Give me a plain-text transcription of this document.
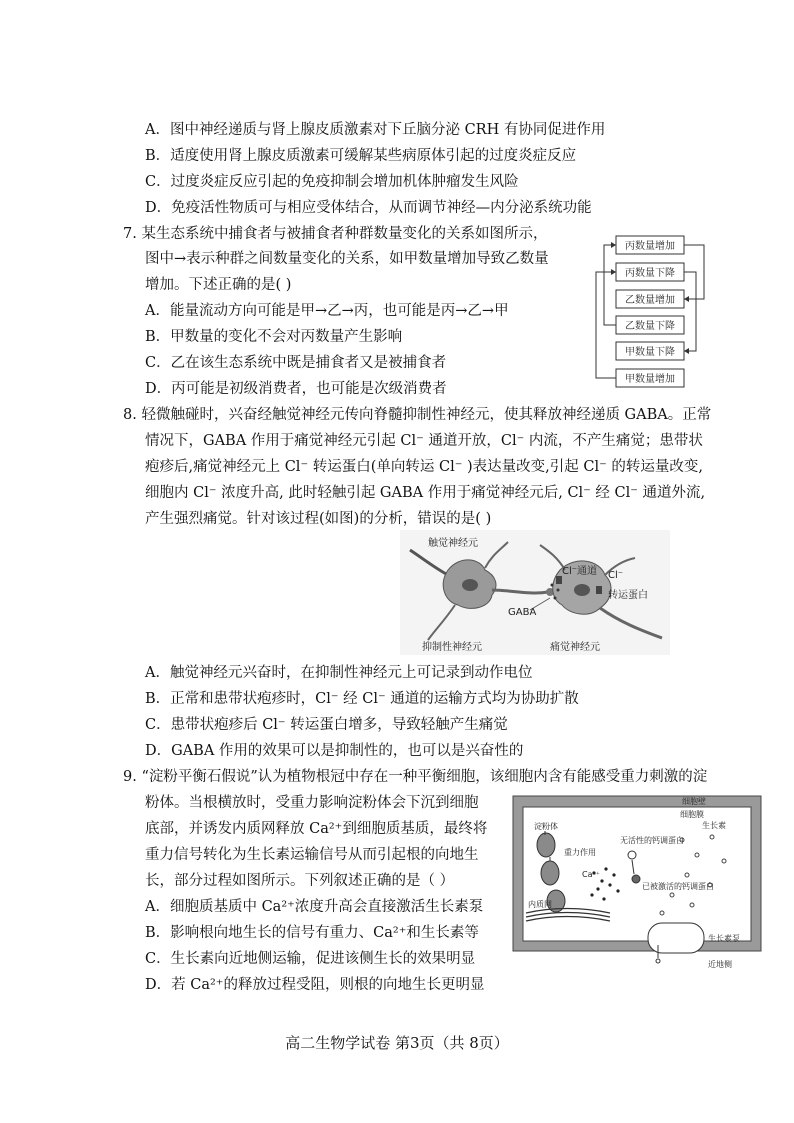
A．图中神经递质与肾上腺皮质激素对下丘脑分泌 CRH 有协同促进作用
B．适度使用肾上腺皮质激素可缓解某些病原体引起的过度炎症反应
C．过度炎症反应引起的免疫抑制会增加机体肿瘤发生风险
D．免疫活性物质可与相应受体结合，从而调节神经—内分泌系统功能
7. 某生态系统中捕食者与被捕食者种群数量变化的关系如图所示，
图中→表示种群之间数量变化的关系，如甲数量增加导致乙数量
增加。下述正确的是( )
A．能量流动方向可能是甲→乙→丙，也可能是丙→乙→甲
B．甲数量的变化不会对丙数量产生影响
C．乙在该生态系统中既是捕食者又是被捕食者
D．丙可能是初级消费者，也可能是次级消费者
丙数量增加
丙数量下降
乙数量增加
乙数量下降
甲数量下降
甲数量增加
8. 轻微触碰时，兴奋经触觉神经元传向脊髓抑制性神经元，使其释放神经递质 GABA。正常
情况下，GABA 作用于痛觉神经元引起 Cl⁻ 通道开放，Cl⁻ 内流，不产生痛觉；患带状
疱疹后,痛觉神经元上 Cl⁻ 转运蛋白(单向转运 Cl⁻ )表达量改变,引起 Cl⁻ 的转运量改变,
细胞内 Cl⁻ 浓度升高, 此时轻触引起 GABA 作用于痛觉神经元后, Cl⁻ 经 Cl⁻ 通道外流,
产生强烈痛觉。针对该过程(如图)的分析，错误的是( )
触觉神经元
Cl⁻通道 Cl⁻
转运蛋白
GABA
抑制性神经元	痛觉神经元
A．触觉神经元兴奋时，在抑制性神经元上可记录到动作电位
B．正常和患带状疱疹时，Cl⁻ 经 Cl⁻ 通道的运输方式均为协助扩散
C．患带状疱疹后 Cl⁻ 转运蛋白增多，导致轻触产生痛觉
D．GABA 作用的效果可以是抑制性的，也可以是兴奋性的
9. “淀粉平衡石假说”认为植物根冠中存在一种平衡细胞，该细胞内含有能感受重力刺激的淀
粉体。当根横放时，受重力影响淀粉体会下沉到细胞
底部，并诱发内质网释放 Ca²⁺到细胞质基质，最终将
重力信号转化为生长素运输信号从而引起根的向地生
长，部分过程如图所示。下列叙述正确的是（ ）
A．细胞质基质中 Ca²⁺浓度升高会直接激活生长素泵
B．影响根向地生长的信号有重力、Ca²⁺和生长素等
C．生长素向近地侧运输，促进该侧生长的效果明显
D．若 Ca²⁺的释放过程受阻，则根的向地生长更明显
细胞壁
细胞膜
淀粉体
重力作用
无活性的钙调蛋白
已被激活的钙调蛋白
生长素
内质网
Ca²⁺
生长素泵
近地侧
高二生物学试卷 第3页（共 8页）
